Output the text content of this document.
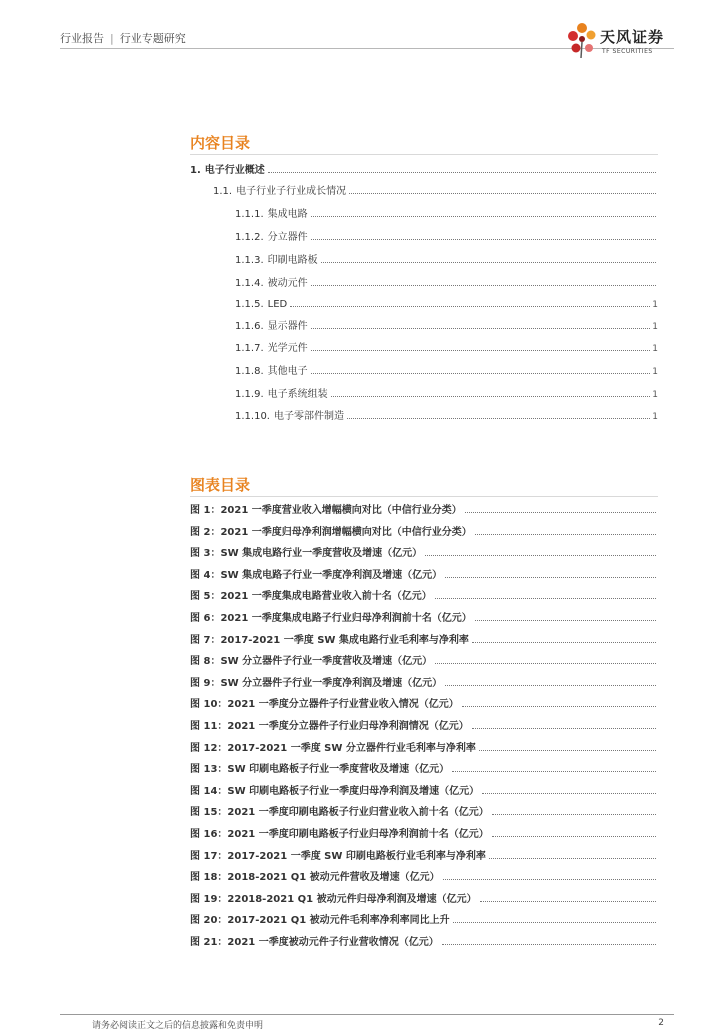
行业报告 | 行业专题研究	天风证券
TF SECURITIES
内容目录
1. 电子行业概述
1.1. 电子行业子行业成长情况
1.1.1. 集成电路
1.1.2. 分立器件
1.1.3. 印刷电路板
1.1.4. 被动元件
1.1.5. LED	1
1.1.6. 显示器件	1
1.1.7. 光学元件	1
1.1.8. 其他电子	1
1.1.9. 电子系统组装	1
1.1.10. 电子零部件制造	1
图表目录
图 1：2021 一季度营业收入增幅横向对比（中信行业分类）
图 2：2021 一季度归母净利润增幅横向对比（中信行业分类）
图 3：SW 集成电路行业一季度营收及增速（亿元）
图 4：SW 集成电路子行业一季度净利润及增速（亿元）
图 5：2021 一季度集成电路营业收入前十名（亿元）
图 6：2021 一季度集成电路子行业归母净利润前十名（亿元）
图 7：2017-2021 一季度 SW 集成电路行业毛利率与净利率
图 8：SW 分立器件子行业一季度营收及增速（亿元）
图 9：SW 分立器件子行业一季度净利润及增速（亿元）
图 10：2021 一季度分立器件子行业营业收入情况（亿元）
图 11：2021 一季度分立器件子行业归母净利润情况（亿元）
图 12：2017-2021 一季度 SW 分立器件行业毛利率与净利率
图 13：SW 印刷电路板子行业一季度营收及增速（亿元）
图 14：SW 印刷电路板子行业一季度归母净利润及增速（亿元）
图 15：2021 一季度印刷电路板子行业归营业收入前十名（亿元）
图 16：2021 一季度印刷电路板子行业归母净利润前十名（亿元）
图 17：2017-2021 一季度 SW 印刷电路板行业毛利率与净利率
图 18：2018-2021 Q1 被动元件营收及增速（亿元）
图 19：22018-2021 Q1 被动元件归母净利润及增速（亿元）
图 20：2017-2021 Q1 被动元件毛利率净利率同比上升
图 21：2021 一季度被动元件子行业营收情况（亿元）
请务必阅读正文之后的信息披露和免责申明	2
